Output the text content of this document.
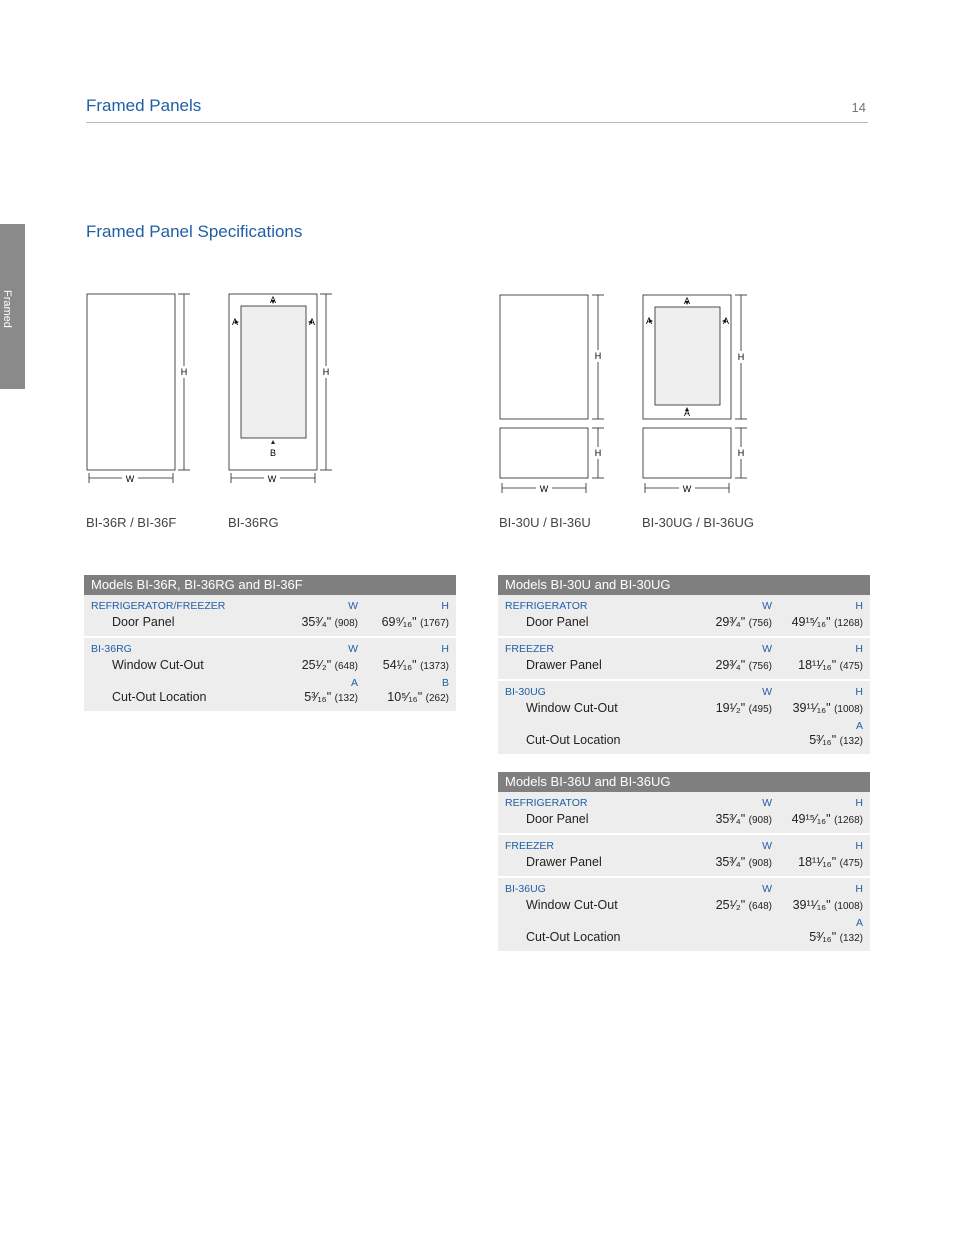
Framed Panels	14
Framed
Framed Panel Specifications
H
W
BI-36R / BI-36F
H
W
A
A	A
B
BI-36RG
H
H
W
BI-30U / BI-36U
H
H
W
A
A	A
A
BI-30UG / BI-36UG
Models BI-36R, BI-36RG and BI-36F
REFRIGERATOR/FREEZER	W	H
Door Panel	35³⁄₄" (908) 69⁹⁄₁₆" (1767)
BI-36RG	W	H
Window Cut-Out	25¹⁄₂" (648) 54¹⁄₁₆" (1373)
A	B
Cut-Out Location	5³⁄₁₆" (132) 10⁵⁄₁₆" (262)
Models BI-30U and BI-30UG
REFRIGERATOR	W	H
Door Panel	29³⁄₄" (756) 49¹⁵⁄₁₆" (1268)
FREEZER	W	H
Drawer Panel	29³⁄₄" (756) 18¹¹⁄₁₆" (475)
BI-30UG	W	H
Window Cut-Out	19¹⁄₂" (495) 39¹¹⁄₁₆" (1008)
A
Cut-Out Location	5³⁄₁₆" (132)
Models BI-36U and BI-36UG
REFRIGERATOR	W	H
Door Panel	35³⁄₄" (908) 49¹⁵⁄₁₆" (1268)
FREEZER	W	H
Drawer Panel	35³⁄₄" (908) 18¹¹⁄₁₆" (475)
BI-36UG	W	H
Window Cut-Out	25¹⁄₂" (648) 39¹¹⁄₁₆" (1008)
A
Cut-Out Location	5³⁄₁₆" (132)
